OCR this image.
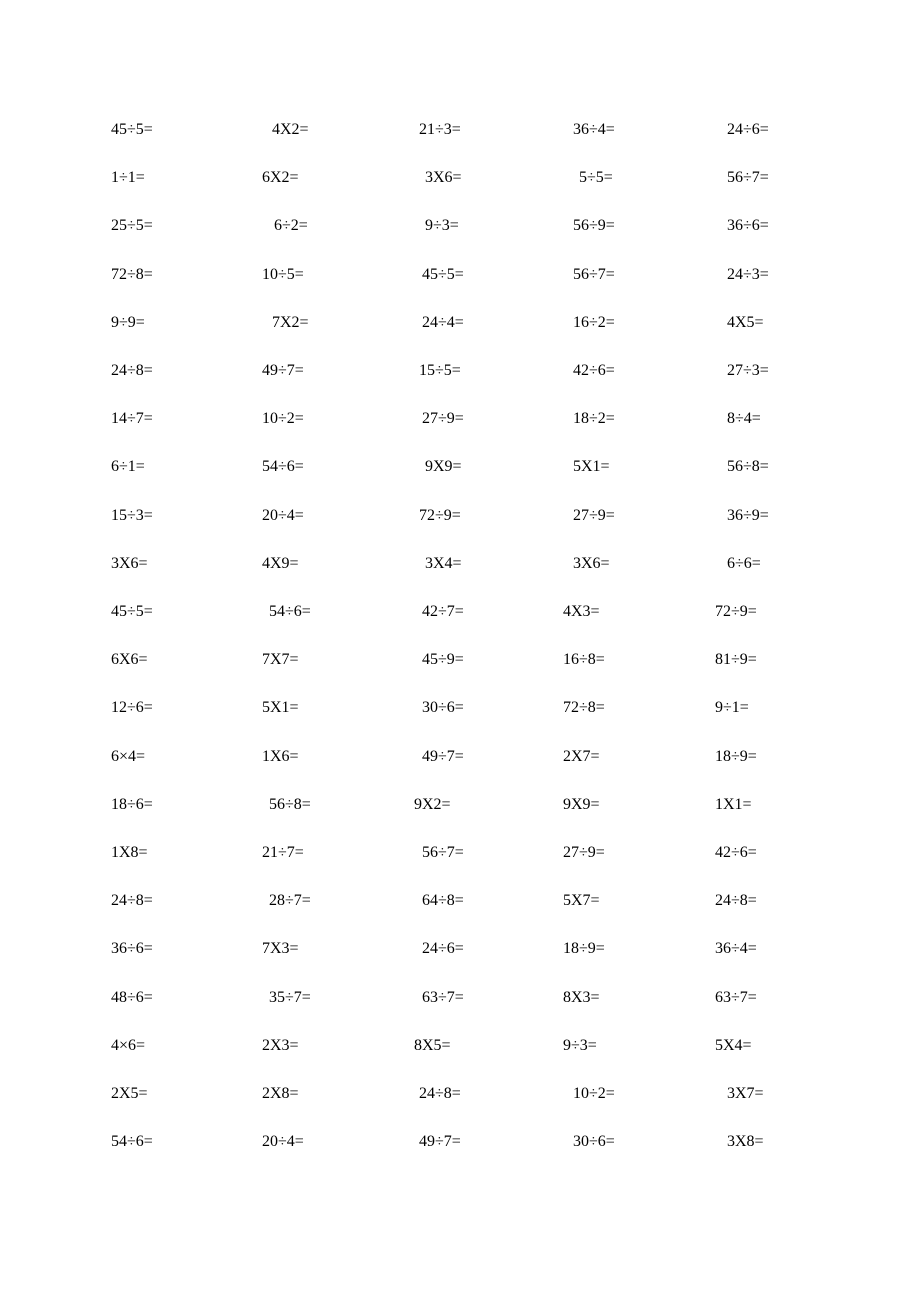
45÷5=	4X2=	21÷3=	36÷4=	24÷6=
1÷1=	6X2=	3X6=	5÷5=	56÷7=
25÷5=	6÷2=	9÷3=	56÷9=	36÷6=
72÷8=	10÷5=	45÷5=	56÷7=	24÷3=
9÷9=	7X2=	24÷4=	16÷2=	4X5=
24÷8=	49÷7=	15÷5=	42÷6=	27÷3=
14÷7=	10÷2=	27÷9=	18÷2=	8÷4=
6÷1=	54÷6=	9X9=	5X1=	56÷8=
15÷3=	20÷4=	72÷9=	27÷9=	36÷9=
3X6=	4X9=	3X4=	3X6=	6÷6=
45÷5=	54÷6=	42÷7=	4X3=	72÷9=
6X6=	7X7=	45÷9=	16÷8=	81÷9=
12÷6=	5X1=	30÷6=	72÷8=	9÷1=
6×4=	1X6=	49÷7=	2X7=	18÷9=
18÷6=	56÷8=	9X2=	9X9=	1X1=
1X8=	21÷7=	56÷7=	27÷9=	42÷6=
24÷8=	28÷7=	64÷8=	5X7=	24÷8=
36÷6=	7X3=	24÷6=	18÷9=	36÷4=
48÷6=	35÷7=	63÷7=	8X3=	63÷7=
4×6=	2X3=	8X5=	9÷3=	5X4=
2X5=	2X8=	24÷8=	10÷2=	3X7=
54÷6=	20÷4=	49÷7=	30÷6=	3X8=
